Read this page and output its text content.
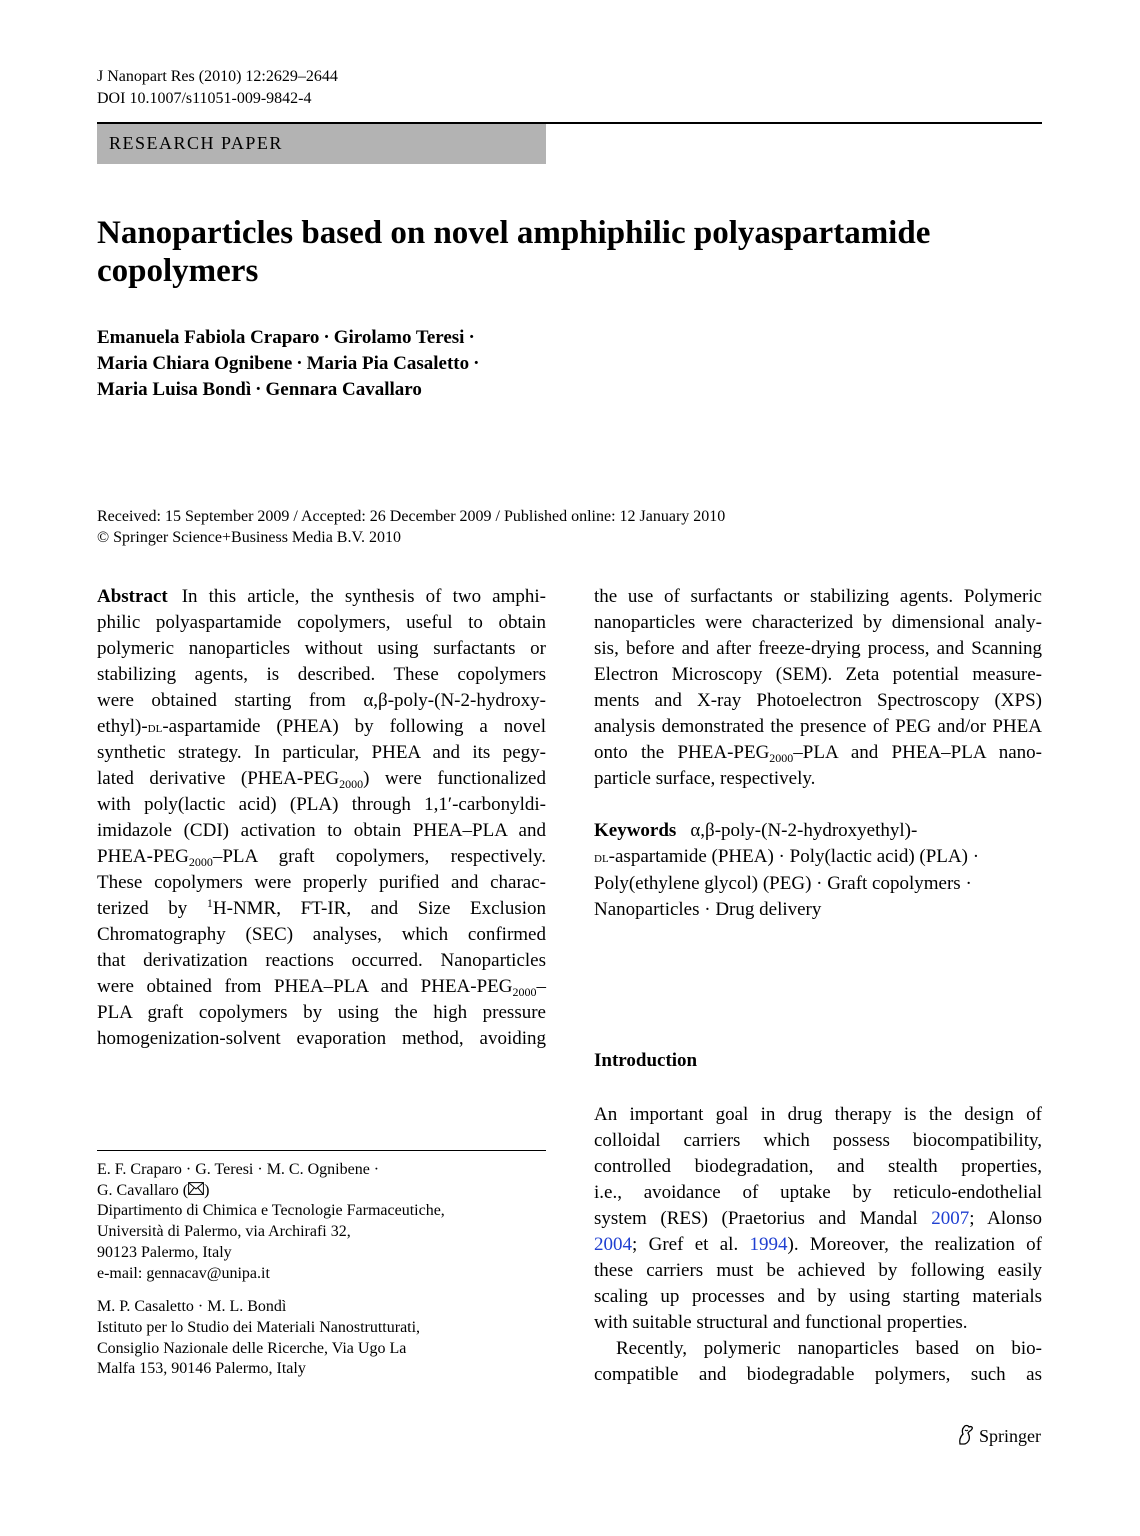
J Nanopart Res (2010) 12:2629–2644
DOI 10.1007/s11051-009-9842-4
RESEARCH PAPER
Nanoparticles based on novel amphiphilic polyaspartamide
copolymers
Emanuela Fabiola Craparo · Girolamo Teresi ·
Maria Chiara Ognibene · Maria Pia Casaletto ·
Maria Luisa Bondì · Gennara Cavallaro
Received: 15 September 2009 / Accepted: 26 December 2009 / Published online: 12 January 2010
© Springer Science+Business Media B.V. 2010
Abstract In this article, the synthesis of two amphi-
philic polyaspartamide copolymers, useful to obtain
polymeric nanoparticles without using surfactants or
stabilizing agents, is described. These copolymers
were obtained starting from α,β-poly-(N-2-hydroxy-
ethyl)-dl-aspartamide (PHEA) by following a novel
synthetic strategy. In particular, PHEA and its pegy-
lated derivative $(PHEA-PEG_{2000})$ were functionalized
with poly(lactic acid) (PLA) through 1,1′-carbonyldi-
imidazole (CDI) activation to obtain PHEA–PLA and
PHEA-$PEG_{2000}$–PLA graft copolymers, respectively.
These copolymers were properly purified and charac-
terized by $^1$H-NMR, FT-IR, and Size Exclusion
Chromatography (SEC) analyses, which confirmed
that derivatization reactions occurred. Nanoparticles
were obtained from PHEA–PLA and PHEA-$PEG_{2000}-$
PLA graft copolymers by using the high pressure
homogenization-solvent evaporation method, avoiding
the use of surfactants or stabilizing agents. Polymeric
nanoparticles were characterized by dimensional analy-
sis, before and after freeze-drying process, and Scanning
Electron Microscopy (SEM). Zeta potential measure-
ments and X-ray Photoelectron Spectroscopy (XPS)
analysis demonstrated the presence of PEG and/or PHEA
onto the PHEA-$PEG_{2000}$–PLA and PHEA–PLA nano-
particle surface, respectively.
Keywords α,β-poly-(N-2-hydroxyethyl)-
dl-aspartamide (PHEA) · Poly(lactic acid) (PLA) ·
Poly(ethylene glycol) (PEG) · Graft copolymers ·
Nanoparticles · Drug delivery
Introduction
An important goal in drug therapy is the design of
colloidal carriers which possess biocompatibility,
controlled biodegradation, and stealth properties,
i.e., avoidance of uptake by reticulo-endothelial
system (RES) (Praetorius and Mandal 2007; Alonso
2004; Gref et al. 1994). Moreover, the realization of
these carriers must be achieved by following easily
scaling up processes and by using starting materials
with suitable structural and functional properties.
Recently, polymeric nanoparticles based on bio-
compatible and biodegradable polymers, such as

E. F. Craparo · G. Teresi · M. C. Ognibene ·
G. Cavallaro ( )
Dipartimento di Chimica e Tecnologie Farmaceutiche,
Università di Palermo, via Archirafi 32,
90123 Palermo, Italy
e-mail: gennacav@unipa.it

M. P. Casaletto · M. L. Bondì
Istituto per lo Studio dei Materiali Nanostrutturati,
Consiglio Nazionale delle Ricerche, Via Ugo La
Malfa 153, 90146 Palermo, Italy

Springer
